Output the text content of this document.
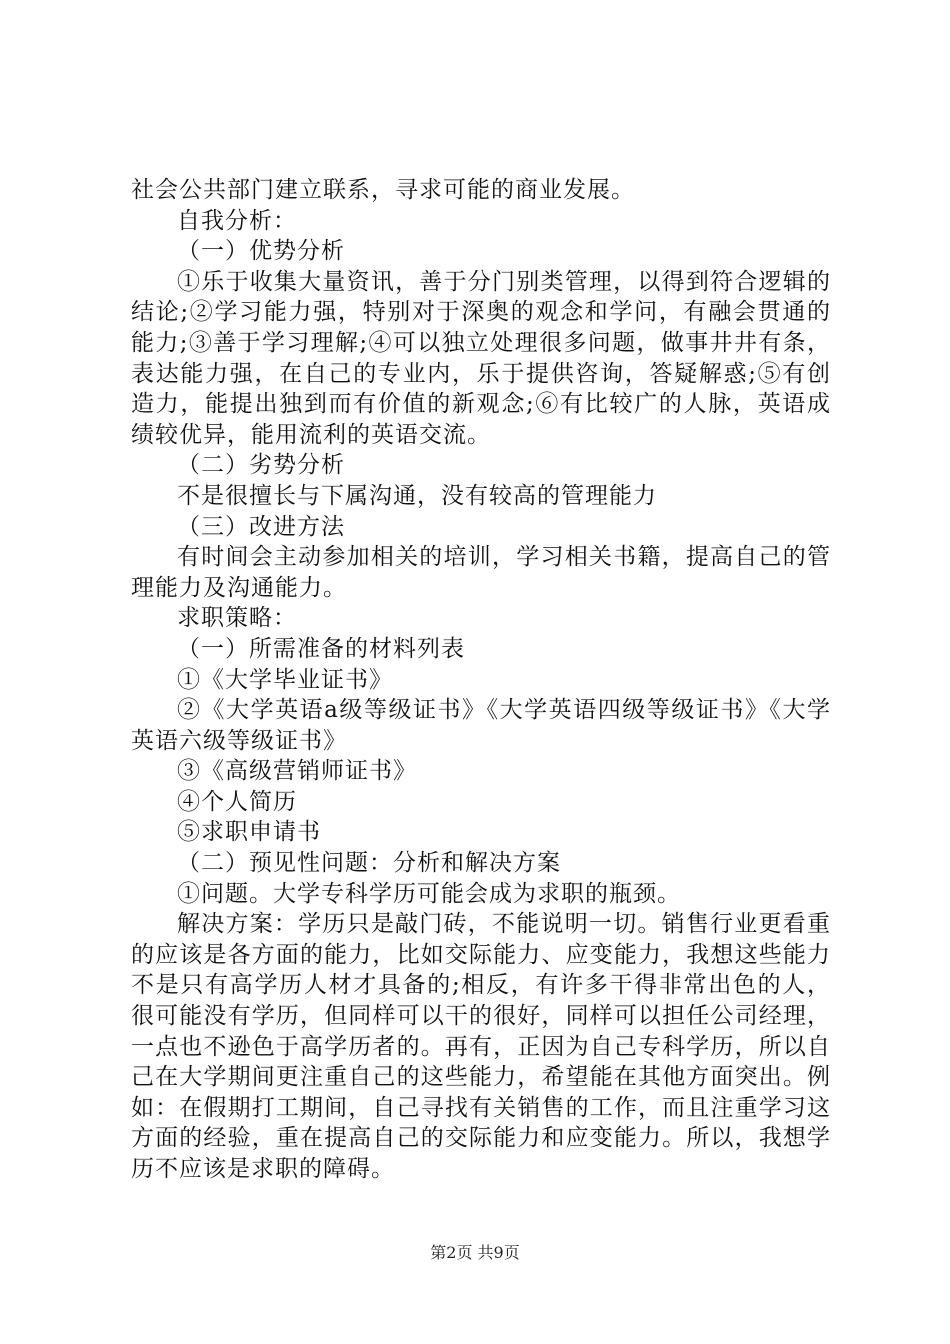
社会公共部门建立联系，寻求可能的商业发展。

自我分析：

（一）优势分析

①乐于收集大量资讯，善于分门别类管理，以得到符合逻辑的结论;②学习能力强，特别对于深奥的观念和学问，有融会贯通的能力;③善于学习理解;④可以独立处理很多问题，做事井井有条，表达能力强，在自己的专业内，乐于提供咨询，答疑解惑;⑤有创造力，能提出独到而有价值的新观念;⑥有比较广的人脉，英语成绩较优异，能用流利的英语交流。

（二）劣势分析

不是很擅长与下属沟通，没有较高的管理能力

（三）改进方法

有时间会主动参加相关的培训，学习相关书籍，提高自己的管理能力及沟通能力。

求职策略：

（一）所需准备的材料列表

①《大学毕业证书》

②《大学英语a级等级证书》《大学英语四级等级证书》《大学英语六级等级证书》

③《高级营销师证书》

④个人简历

⑤求职申请书

（二）预见性问题：分析和解决方案

①问题。大学专科学历可能会成为求职的瓶颈。

解决方案：学历只是敲门砖，不能说明一切。销售行业更看重的应该是各方面的能力，比如交际能力、应变能力，我想这些能力不是只有高学历人材才具备的;相反，有许多干得非常出色的人，很可能没有学历，但同样可以干的很好，同样可以担任公司经理，一点也不逊色于高学历者的。再有，正因为自己专科学历，所以自己在大学期间更注重自己的这些能力，希望能在其他方面突出。例如：在假期打工期间，自己寻找有关销售的工作，而且注重学习这方面的经验，重在提高自己的交际能力和应变能力。所以，我想学历不应该是求职的障碍。

第2页 共9页
